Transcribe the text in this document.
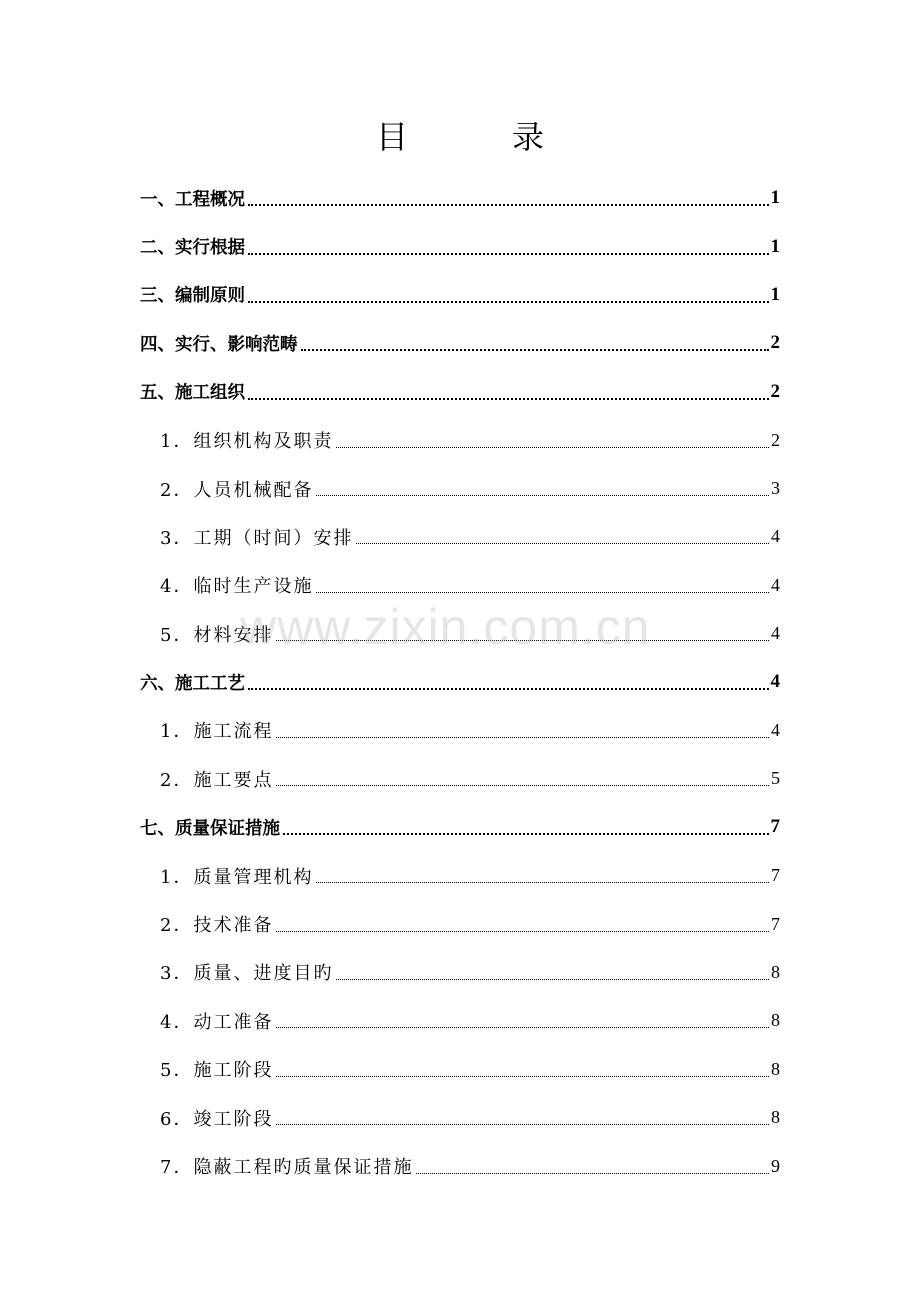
目　录
一、工程概况	1
二、实行根据	1
三、编制原则	1
四、实行、影响范畴	2
五、施工组织	2
1．组织机构及职责	2
2．人员机械配备	3
3．工期（时间）安排	4
4．临时生产设施	4
5．材料安排	4
六、施工工艺	4
1．施工流程	4
2．施工要点	5
七、质量保证措施	7
1．质量管理机构	7
2．技术准备	7
3．质量、进度目旳	8
4．动工准备	8
5．施工阶段	8
6．竣工阶段	8
7．隐蔽工程旳质量保证措施	9
www.zixin.com.cn
